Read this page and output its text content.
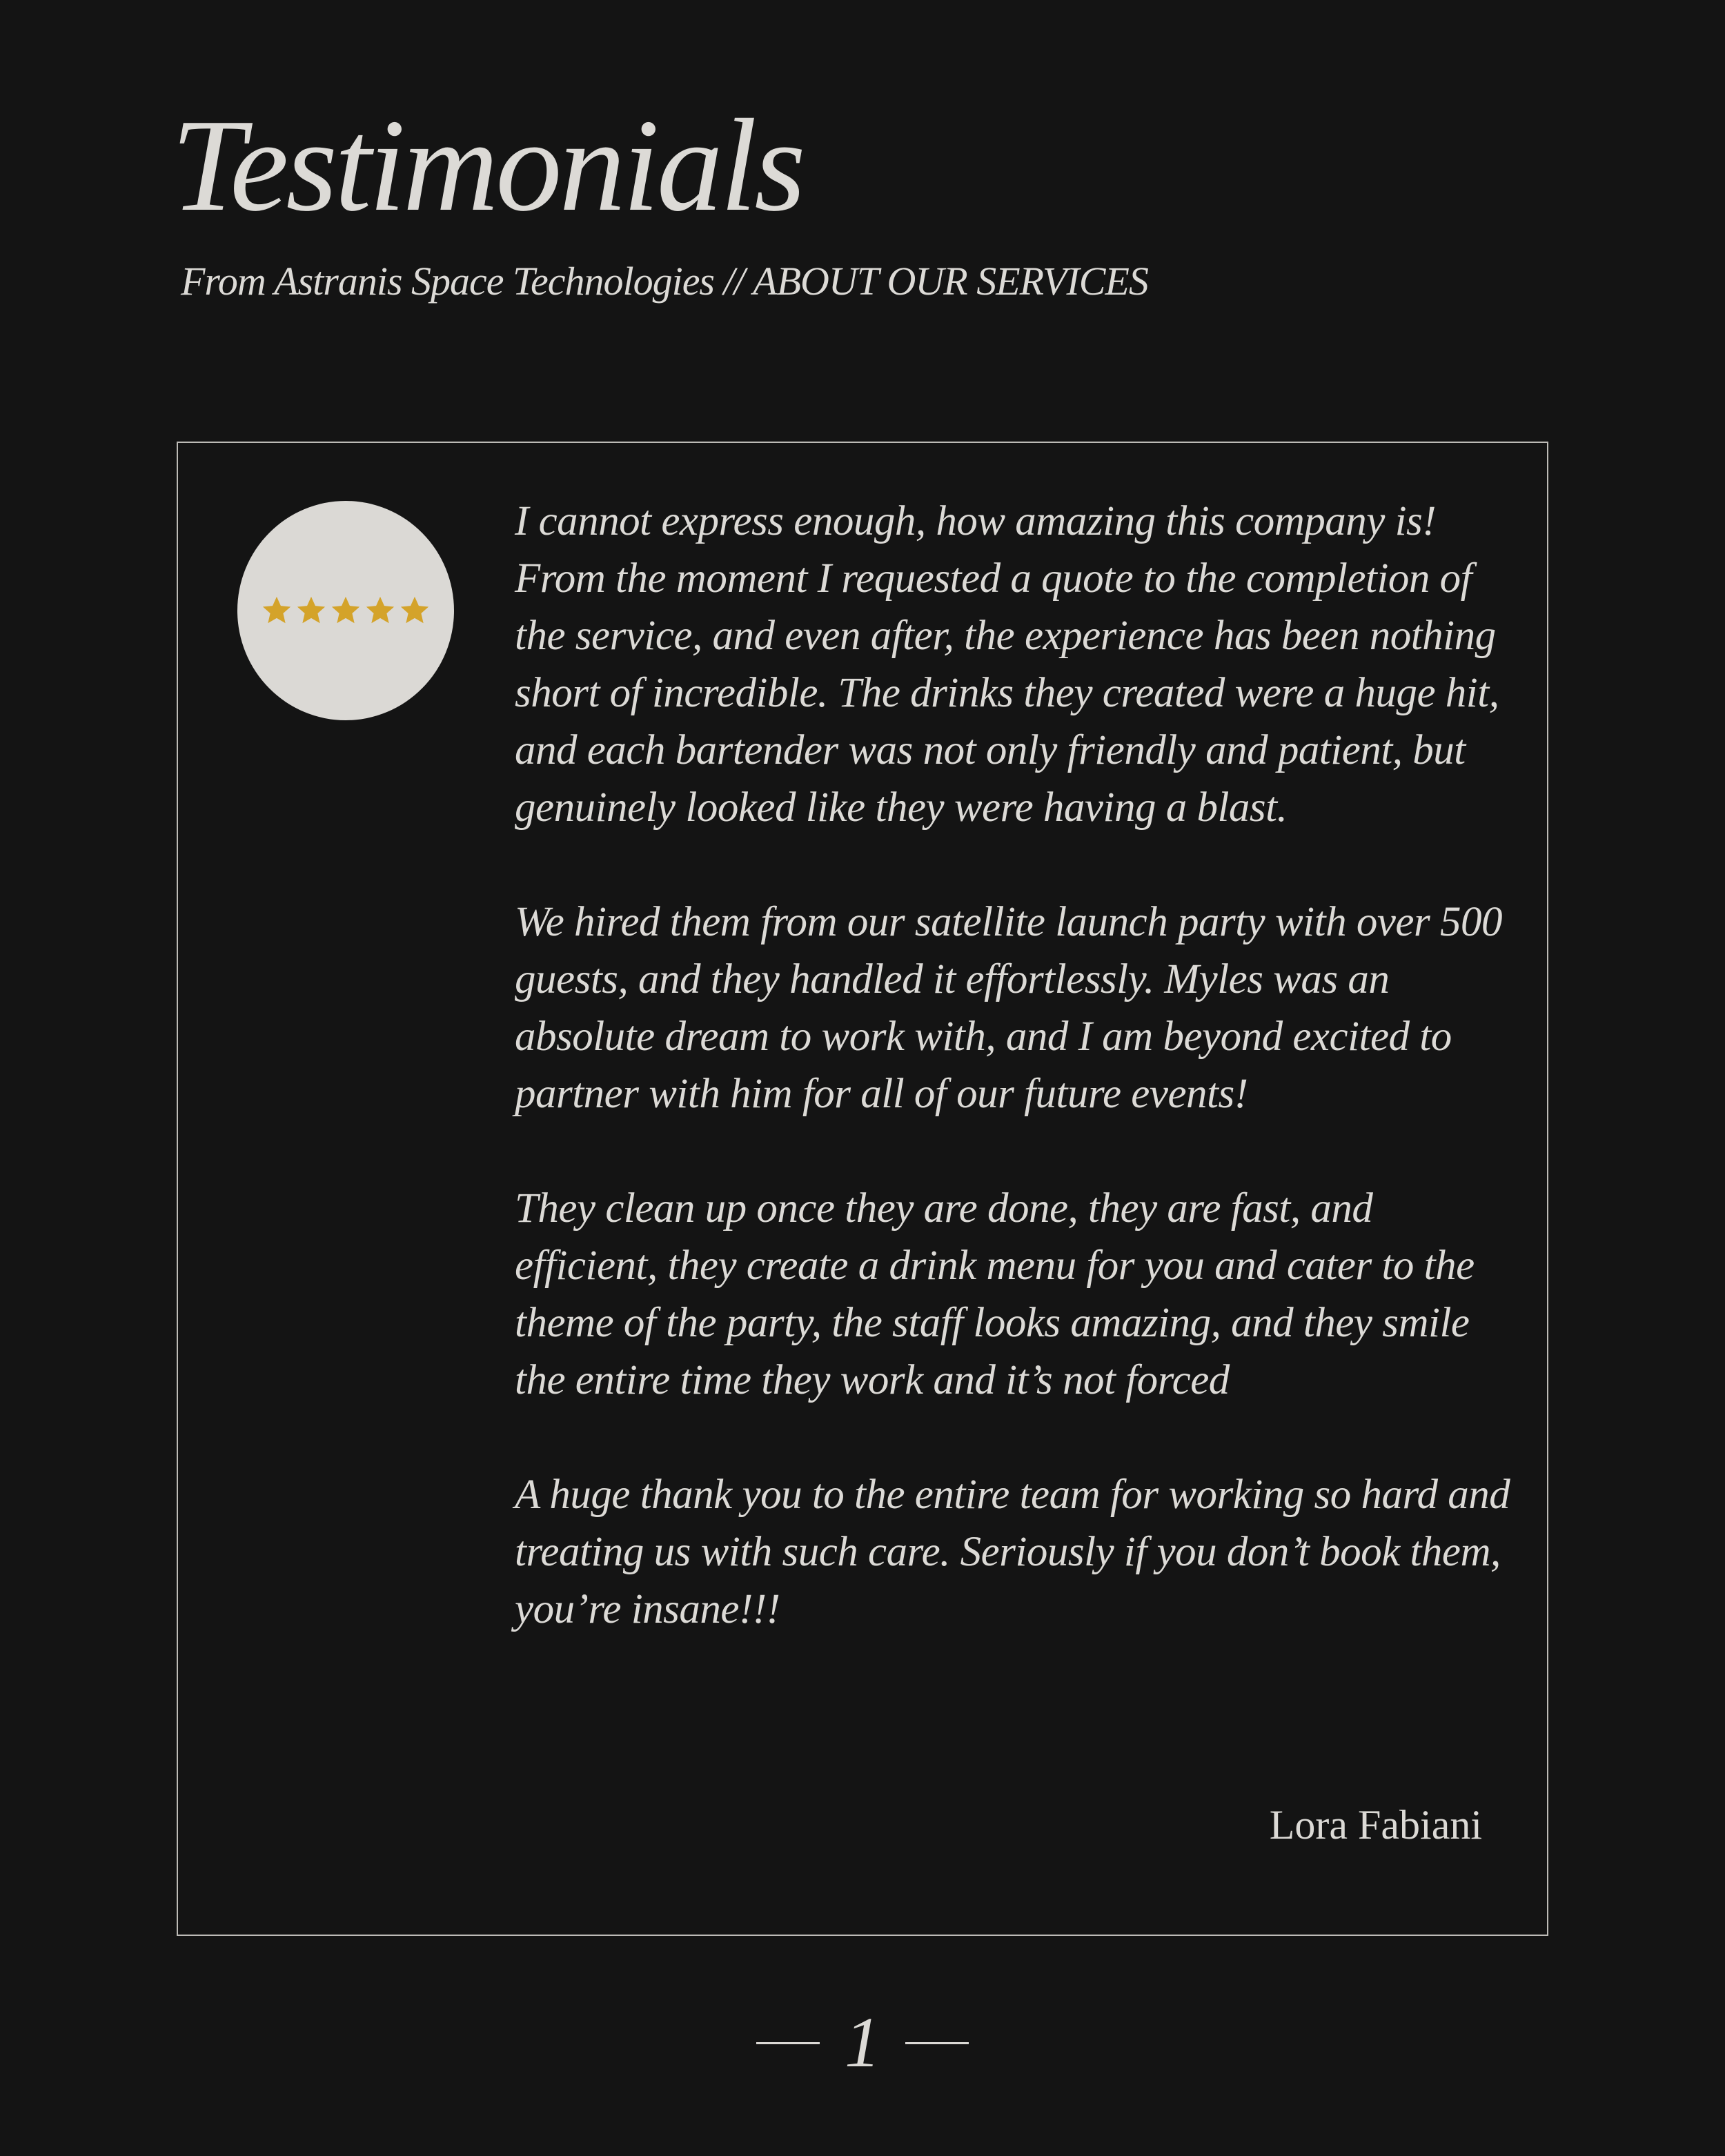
Testimonials
From Astranis Space Technologies // ABOUT OUR SERVICES

I cannot express enough, how amazing this company is! From the moment I requested a quote to the completion of the service, and even after, the experience has been nothing short of incredible. The drinks they created were a huge hit, and each bartender was not only friendly and patient, but genuinely looked like they were having a blast.

We hired them from our satellite launch party with over 500 guests, and they handled it effortlessly. Myles was an absolute dream to work with, and I am beyond excited to partner with him for all of our future events!

They clean up once they are done, they are fast, and efficient, they create a drink menu for you and cater to the theme of the party, the staff looks amazing, and they smile the entire time they work and it’s not forced

A huge thank you to the entire team for working so hard and treating us with such care. Seriously if you don’t book them, you’re insane!!!

Lora Fabiani
1
